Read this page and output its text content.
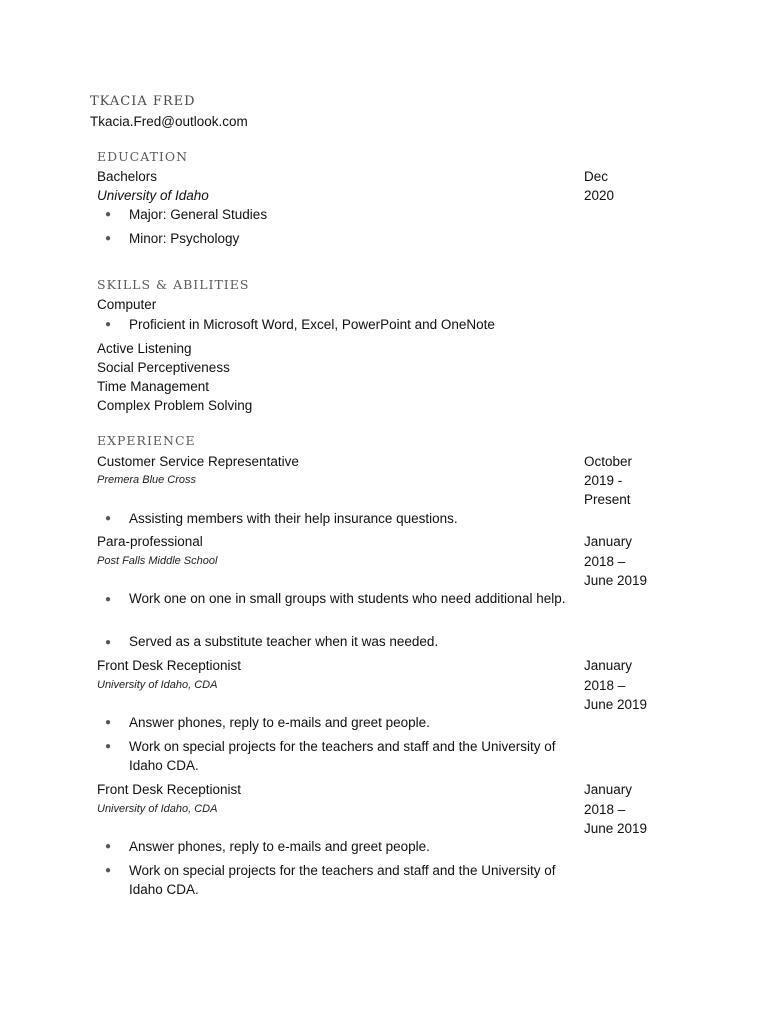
TKACIA FRED
Tkacia.Fred@outlook.com
EDUCATION
Bachelors
University of Idaho
Dec
2020
● Major: General Studies
● Minor: Psychology
SKILLS & ABILITIES
Computer
● Proficient in Microsoft Word, Excel, PowerPoint and OneNote
Active Listening
Social Perceptiveness
Time Management
Complex Problem Solving
EXPERIENCE
Customer Service Representative
Premera Blue Cross
October
2019 -
Present
● Assisting members with their help insurance questions.
Para-professional
Post Falls Middle School
January
2018 –
June 2019
● Work one on one in small groups with students who need additional help.
● Served as a substitute teacher when it was needed.
Front Desk Receptionist
University of Idaho, CDA
January
2018 –
June 2019
● Answer phones, reply to e-mails and greet people.
● Work on special projects for the teachers and staff and the University of Idaho CDA.
Front Desk Receptionist
University of Idaho, CDA
January
2018 –
June 2019
● Answer phones, reply to e-mails and greet people.
● Work on special projects for the teachers and staff and the University of Idaho CDA.
